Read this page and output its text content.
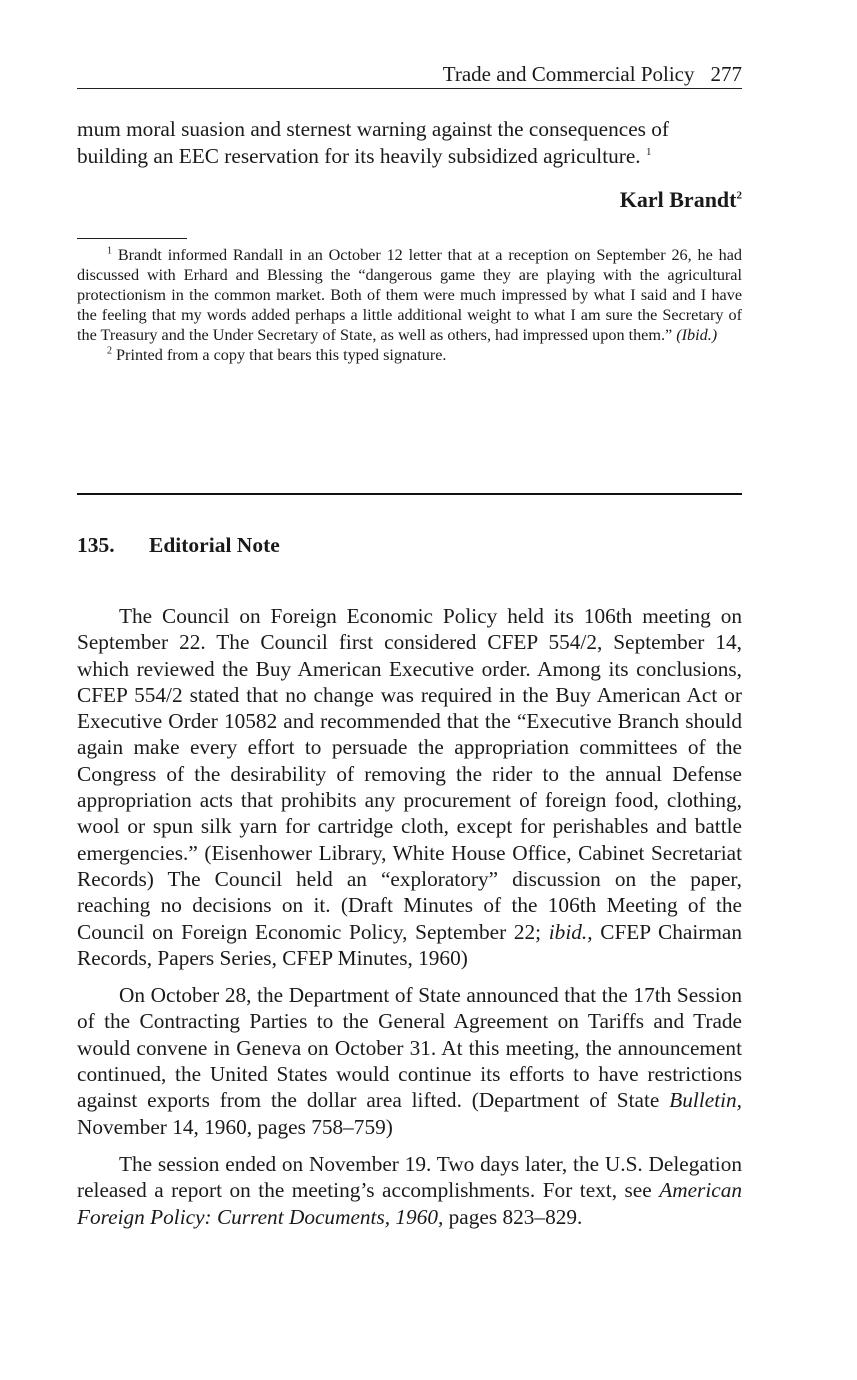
Trade and Commercial Policy 277

mum moral suasion and sternest warning against the consequences of
building an EEC reservation for its heavily subsidized agriculture. $^1$

Karl Brandt$^2$

$^1$ Brandt informed Randall in an October 12 letter that at a reception on September 26, he had discussed with Erhard and Blessing the “dangerous game they are playing with the agricultural protectionism in the common market. Both of them were much impressed by what I said and I have the feeling that my words added perhaps a little additional weight to what I am sure the Secretary of the Treasury and the Under Secretary of State, as well as others, had impressed upon them.” (Ibid.)

$^2$ Printed from a copy that bears this typed signature.

135. Editorial Note

The Council on Foreign Economic Policy held its 106th meeting on September 22. The Council first considered CFEP 554/2, September 14, which reviewed the Buy American Executive order. Among its conclusions, CFEP 554/2 stated that no change was required in the Buy American Act or Executive Order 10582 and recommended that the “Executive Branch should again make every effort to persuade the appropriation committees of the Congress of the desirability of removing the rider to the annual Defense appropriation acts that prohibits any procurement of foreign food, clothing, wool or spun silk yarn for cartridge cloth, except for perishables and battle emergencies.” (Eisenhower Library, White House Office, Cabinet Secretariat Records) The Council held an “exploratory” discussion on the paper, reaching no decisions on it. (Draft Minutes of the 106th Meeting of the Council on Foreign Economic Policy, September 22; ibid., CFEP Chairman Records, Papers Series, CFEP Minutes, 1960)

On October 28, the Department of State announced that the 17th Session of the Contracting Parties to the General Agreement on Tariffs and Trade would convene in Geneva on October 31. At this meeting, the announcement continued, the United States would continue its efforts to have restrictions against exports from the dollar area lifted. (Department of State Bulletin, November 14, 1960, pages 758–759)

The session ended on November 19. Two days later, the U.S. Delegation released a report on the meeting’s accomplishments. For text, see American Foreign Policy: Current Documents, 1960, pages 823–829.
